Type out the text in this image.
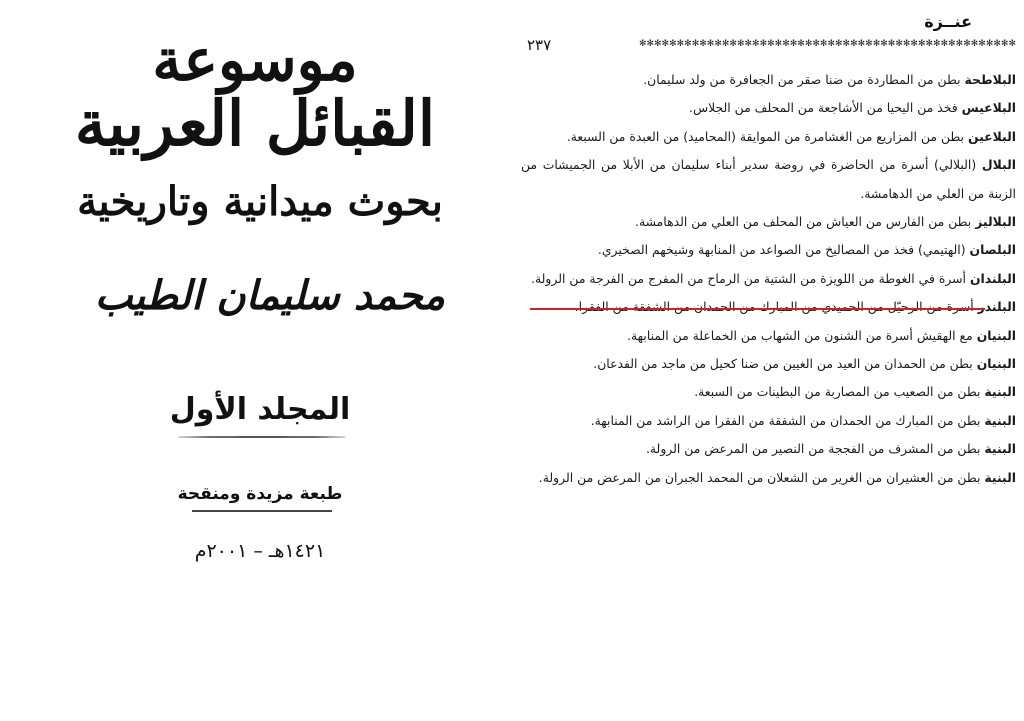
موسوعة
القبائل العربية
بحوث ميدانية وتاريخية
محمد سليمان الطيب
المجلد الأول
طبعة مزيدة ومنقحة
١٤٢١هـ – ٢٠٠١م
عنــزة
✻✻✻✻✻✻✻✻✻✻✻✻✻✻✻✻✻✻✻✻✻✻✻✻✻✻✻✻✻✻✻✻✻✻✻✻✻✻✻✻✻✻✻✻✻✻✻✻✻✻
٢٣٧
البلاطحة بطن من المطاردة من ضنا صقر من الجعافرة من ولد سليمان.
البلاعيس فخذ من اليحيا من الأشاجعة من المحلف من الجلاس.
البلاعين بطن من المزاريع من الغشامرة من الموايقة (المحاميد) من العبدة من السبعة.
البلال (البلالي) أسرة من الحاضرة في روضة سدير أبناء سليمان من الأبلا من الجميشات من الزبنة من العلي من الدهامشة.
البلاليز بطن من الفارس من العياش من المحلف من العلي من الدهامشة.
البلصان (الهتيمي) فخذ من المصاليخ من الصواعد من المنابهة وشيخهم الصخيري.
البلندان أسرة في الغوطة من اللويزة من الشتية من الرماح من المفرج من الفرجة من الرولة.
البلندر أسرة من الرحيّل من الحميدي من المبارك من الحمدان من الشفقة من الفقرا.
البنيان مع الهقيش أسرة من الشنون من الشهاب من الخماعلة من المنابهة.
البنيان بطن من الحمدان من العيد من الغيين من ضنا كحيل من ماجد من الفدعان.
البنية بطن من الصعيب من المصاربة من البطينات من السبعة.
البنية بطن من المبارك من الحمدان من الشفقة من الفقرا من الراشد من المنابهة.
البنية بطن من المشرف من الفججة من النصير من المرعض من الرولة.
البنية بطن من العشيران من الغرير من الشعلان من المحمد الجبران من المرعض من الرولة.
